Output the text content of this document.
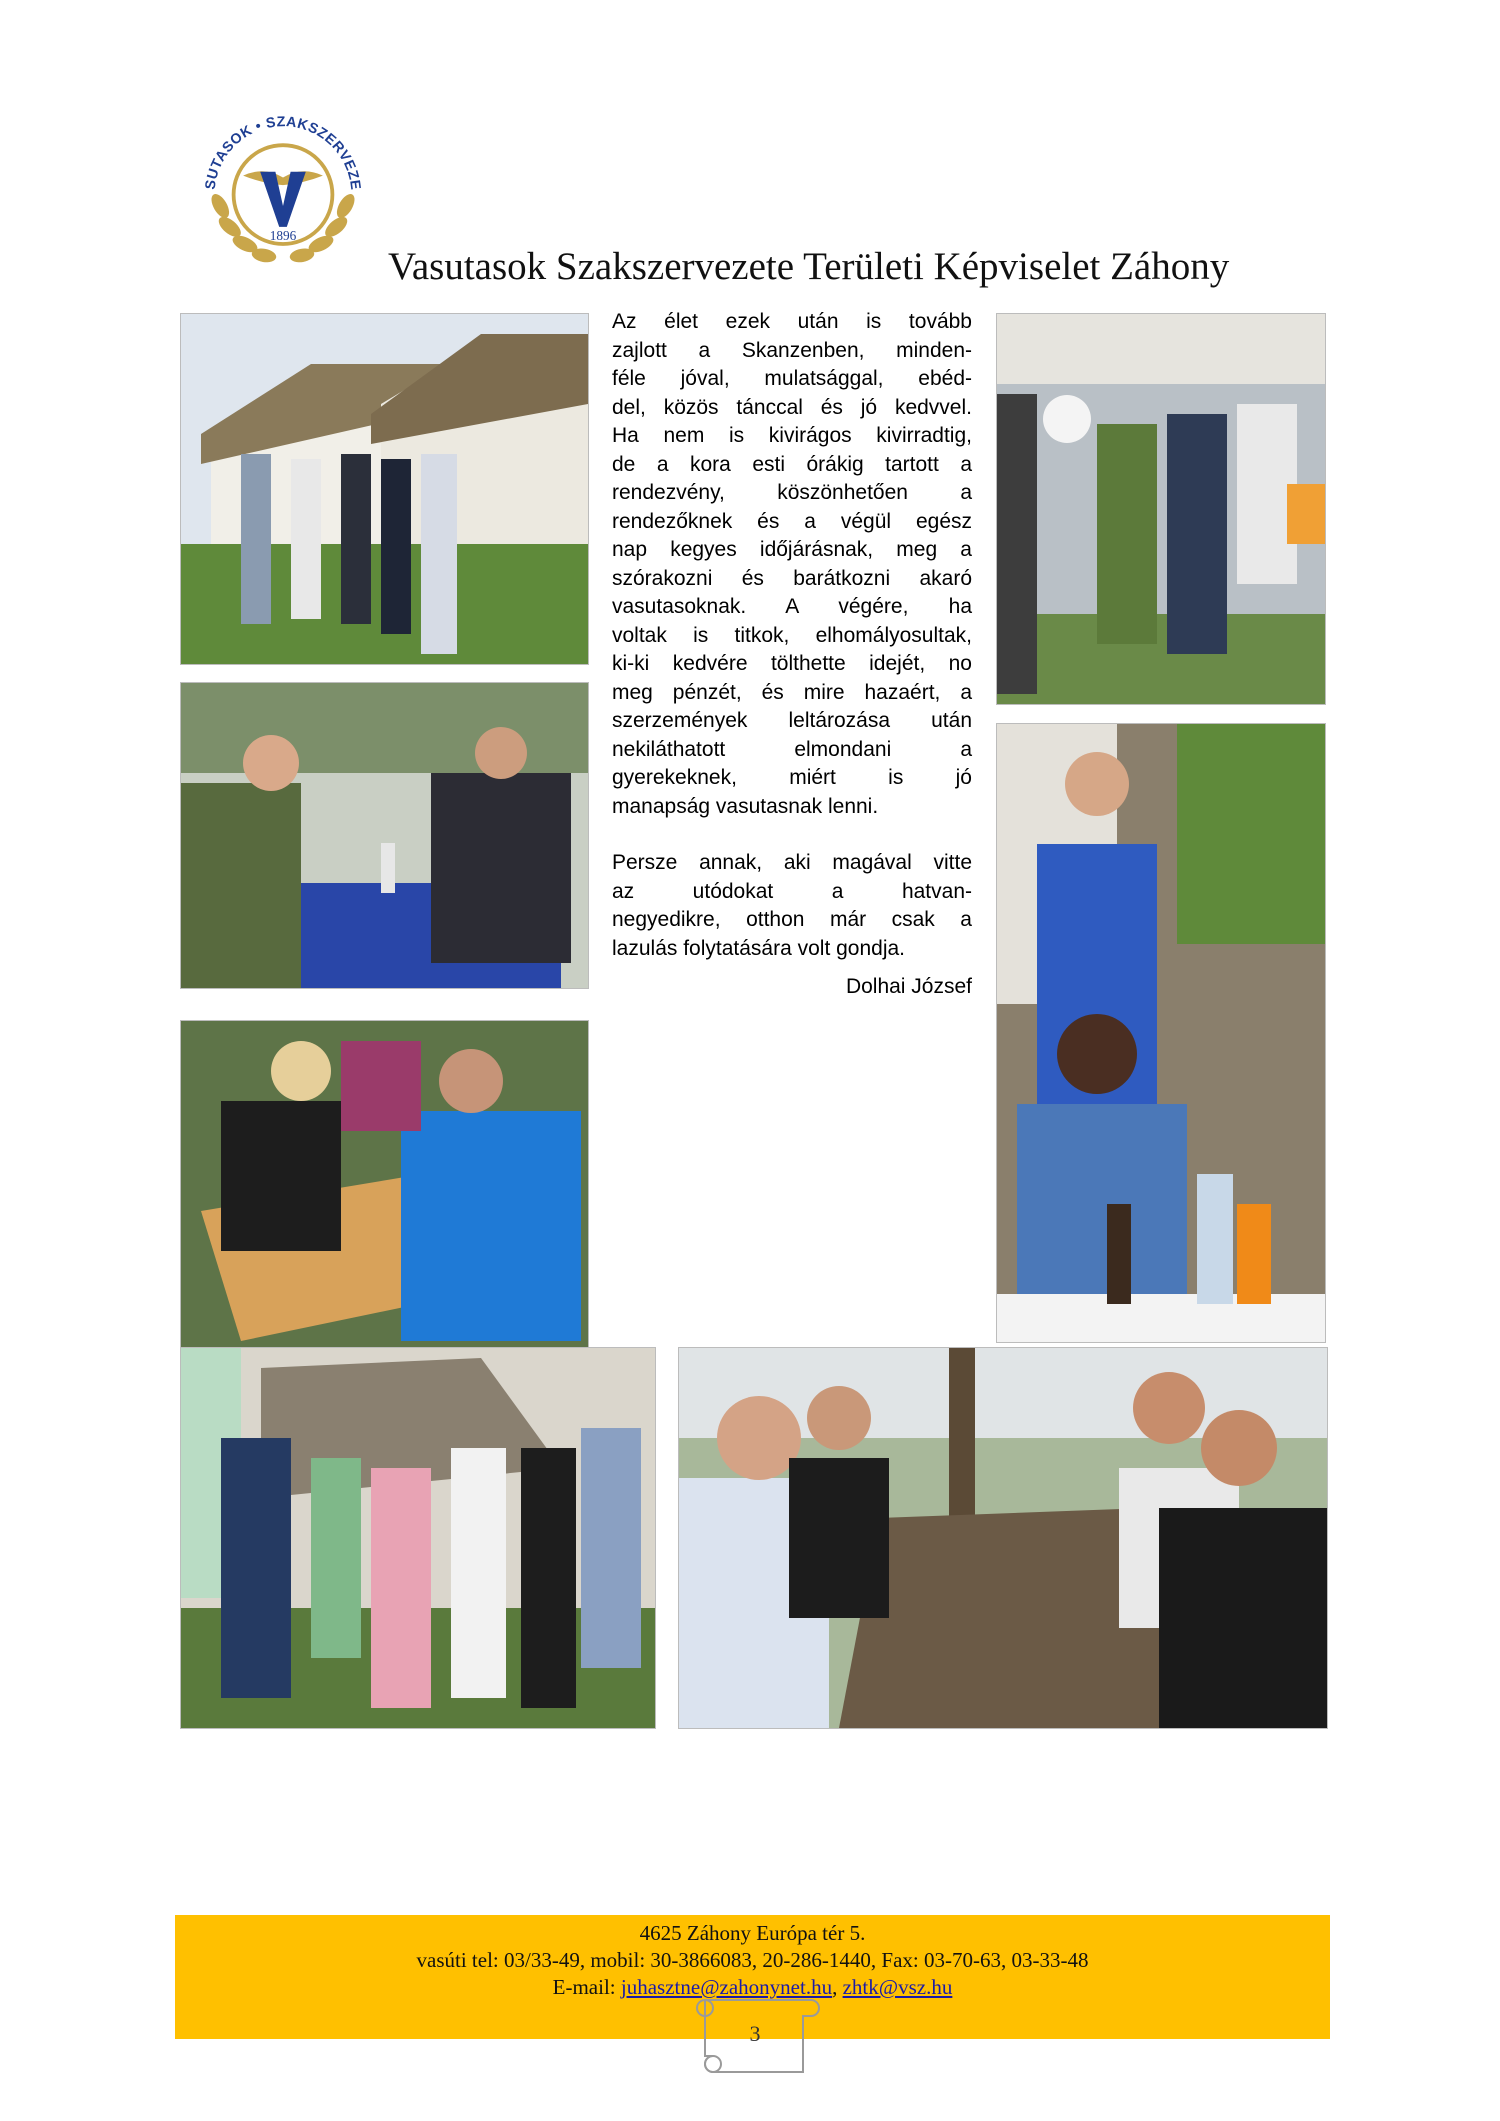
1896
SUTASOK • SZAKSZERVEZE
Vasutasok Szakszervezete Területi Képviselet Záhony

Az élet ezek után is tovább

zajlott a Skanzenben, minden-

féle jóval, mulatsággal, ebéd-

del, közös tánccal és jó kedvvel.

Ha nem is kivirágos kivirradtig,

de a kora esti órákig tartott a

rendezvény, köszönhetően a

rendezőknek és a végül egész

nap kegyes időjárásnak, meg a

szórakozni és barátkozni akaró

vasutasoknak. A végére, ha

voltak is titkok, elhomályosultak,

ki-ki kedvére tölthette idejét, no

meg pénzét, és mire hazaért, a

szerzemények leltározása után

nekiláthatott elmondani a

gyerekeknek, miért is jó

manapság vasutasnak lenni.

Persze annak, aki magával vitte

az utódokat a hatvan-

negyedikre, otthon már csak a

lazulás folytatására volt gondja.

Dolhai József
4625 Záhony Európa tér 5.
vasúti tel: 03/33-49, mobil: 30-3866083, 20-286-1440, Fax: 03-70-63, 03-33-48
E-mail: juhasztne@zahonynet.hu, zhtk@vsz.hu
3
